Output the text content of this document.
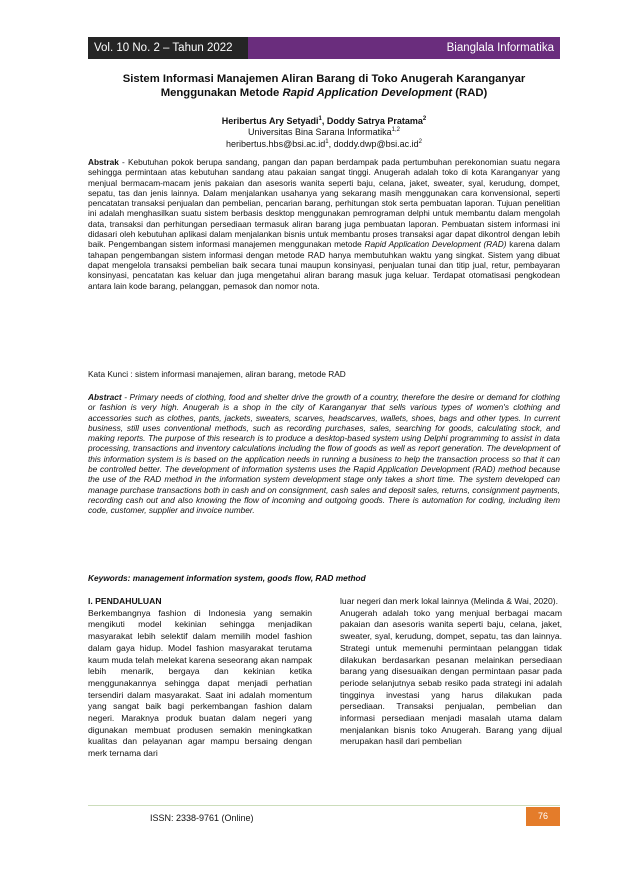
Vol. 10 No. 2 – Tahun 2022	Bianglala Informatika
Sistem Informasi Manajemen Aliran Barang di Toko Anugerah Karanganyar
Menggunakan Metode Rapid Application Development (RAD)
Heribertus Ary Setyadi$^1$, Doddy Satrya Pratama$^2$
Universitas Bina Sarana Informatika$^{1,2}$
$heribertus.hbs@bsi.ac.id^1$, $doddy.dwp@bsi.ac.id^2$
Abstrak - Kebutuhan pokok berupa sandang, pangan dan papan berdampak pada pertumbuhan perekonomian suatu negara sehingga permintaan atas kebutuhan sandang atau pakaian sangat tinggi. Anugerah adalah toko di kota Karanganyar yang menjual bermacam-macam jenis pakaian dan asesoris wanita seperti baju, celana, jaket, sweater, syal, kerudung, dompet, sepatu, tas dan jenis lainnya. Dalam menjalankan usahanya yang sekarang masih menggunakan cara konvensional, seperti pencatatan transaksi penjualan dan pembelian, pencarian barang, perhitungan stok serta pembuatan laporan. Tujuan penelitian ini adalah menghasilkan suatu sistem berbasis desktop menggunakan pemrograman delphi untuk membantu dalam mengolah data, transaksi dan perhitungan persediaan termasuk aliran barang juga pembuatan laporan. Pembuatan sistem informasi ini didasari oleh kebutuhan aplikasi dalam menjalankan bisnis untuk membantu proses transaksi agar dapat dikontrol dengan lebih baik. Pengembangan sistem informasi manajemen menggunakan metode Rapid Application Development (RAD) karena dalam tahapan pengembangan sistem informasi dengan metode RAD hanya membutuhkan waktu yang singkat. Sistem yang dibuat dapat mengelola transaksi pembelian baik secara tunai maupun konsinyasi, penjualan tunai dan titip jual, retur, pembayaran konsinyasi, pencatatan kas keluar dan juga mengetahui aliran barang masuk juga keluar. Terdapat otomatisasi pengkodean antara lain kode barang, pelanggan, pemasok dan nomor nota.
Kata Kunci : sistem informasi manajemen, aliran barang, metode RAD
Abstract - Primary needs of clothing, food and shelter drive the growth of a country, therefore the desire or demand for clothing or fashion is very high. Anugerah is a shop in the city of Karanganyar that sells various types of women's clothing and accessories such as clothes, pants, jackets, sweaters, scarves, headscarves, wallets, shoes, bags and other types. In current business, still uses conventional methods, such as recording purchases, sales, searching for goods, calculating stock, and making reports. The purpose of this research is to produce a desktop-based system using Delphi programming to assist in data processing, transactions and inventory calculations including the flow of goods as well as report generation. The development of this information system is is based on the application needs in running a business to help the transaction process so that it can be controlled better. The development of information systems uses the Rapid Application Development (RAD) method because the use of the RAD method in the information system development stage only takes a short time. The system developed can manage purchase transactions both in cash and on consignment, cash sales and deposit sales, returns, consignment payments, recording cash out and also knowing the flow of incoming and outgoing goods. There is automation for coding, including item code, customer, supplier and invoice number.
Keywords: management information system, goods flow, RAD method
I. PENDAHULUAN
Berkembangnya fashion di Indonesia yang semakin mengikuti model kekinian sehingga menjadikan masyarakat lebih selektif dalam memilih model fashion dalam gaya hidup. Model fashion masyarakat terutama kaum muda telah melekat karena seseorang akan nampak lebih menarik, bergaya dan kekinian ketika menggunakannya sehingga dapat menjadi perhatian tersendiri dalam masyarakat. Saat ini adalah momentum yang sangat baik bagi perkembangan fashion dalam negeri. Maraknya produk buatan dalam negeri yang digunakan membuat produsen semakin meningkatkan kualitas dan pelayanan agar mampu bersaing dengan merk ternama dari

luar negeri dan merk lokal lainnya (Melinda & Wai, 2020).

Anugerah adalah toko yang menjual berbagai macam pakaian dan asesoris wanita seperti baju, celana, jaket, sweater, syal, kerudung, dompet, sepatu, tas dan lainnya. Strategi untuk memenuhi permintaan pelanggan tidak dilakukan berdasarkan pesanan melainkan persediaan barang yang disesuaikan dengan permintaan pasar pada periode selanjutnya sebab resiko pada strategi ini adalah tingginya investasi yang harus dilakukan pada persediaan. Transaksi penjualan, pembelian dan informasi persediaan menjadi masalah utama dalam menjalankan bisnis toko Anugerah. Barang yang dijual merupakan hasil dari pembelian

ISSN: 2338-9761 (Online)	76
